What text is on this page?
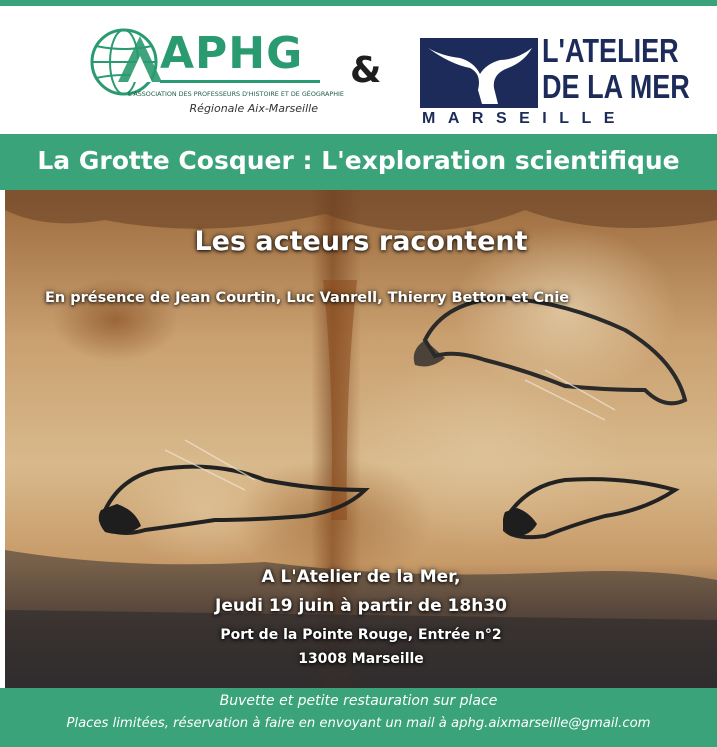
APHG
L'ASSOCIATION DES PROFESSEURS D'HISTOIRE ET DE GÉOGRAPHIE
Régionale Aix-Marseille
&	L'ATELIER
DE LA MER
MARSEILLE
La Grotte Cosquer : L'exploration scientifique
Les acteurs racontent
En présence de Jean Courtin, Luc Vanrell, Thierry Betton et Cnie
A L'Atelier de la Mer,
Jeudi 19 juin à partir de 18h30
Port de la Pointe Rouge, Entrée n°2
13008 Marseille
Buvette et petite restauration sur place
Places limitées, réservation à faire en envoyant un mail à aphg.aixmarseille@gmail.com
